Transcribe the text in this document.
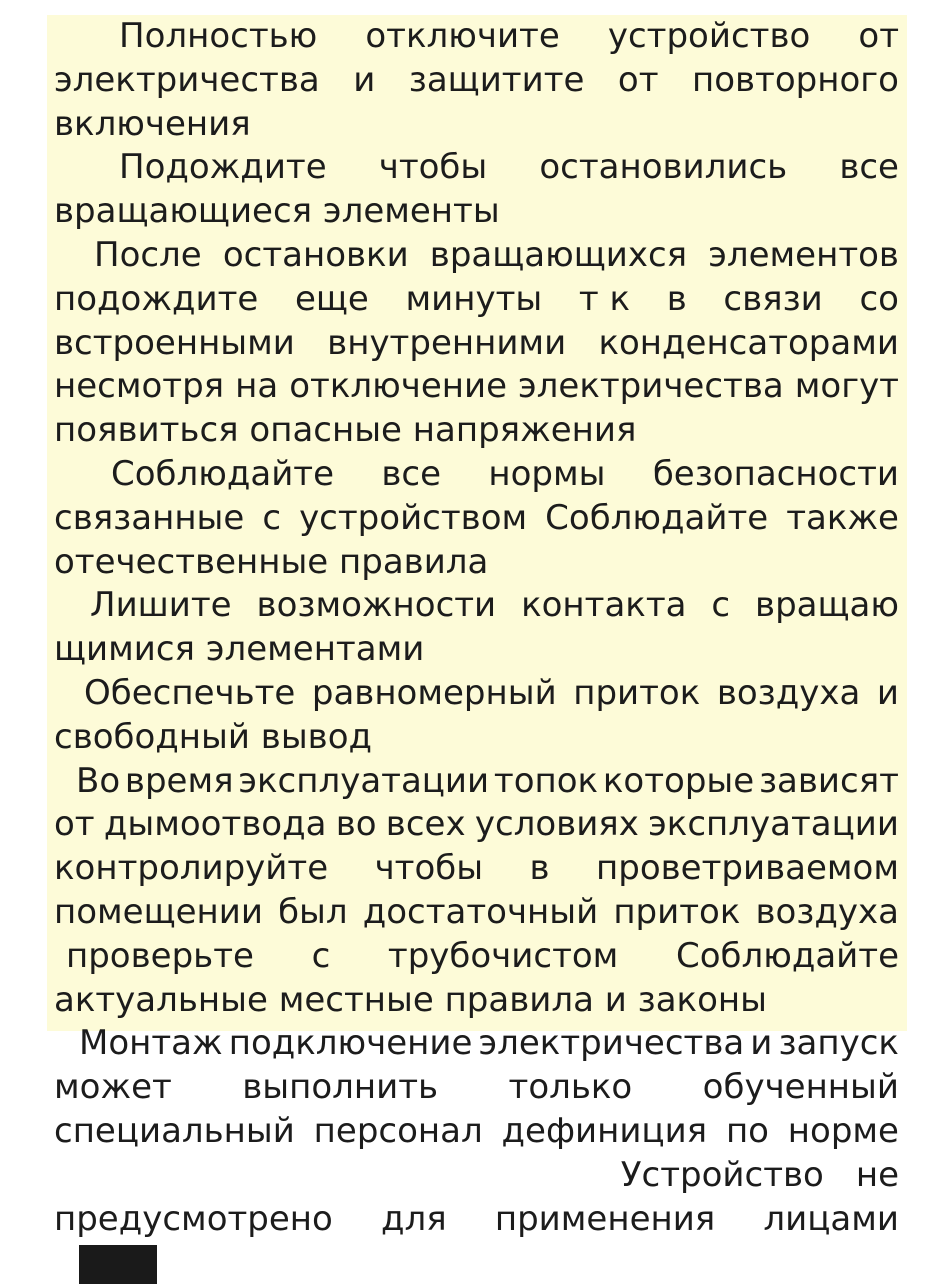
Полностью отключите устройство от
электричества и защитите от повторного
включения
Подождите чтобы остановились все
вращающиеся элементы
После остановки вращающихся элементов
подождите еще минуты т к в связи со
встроенными внутренними конденсаторами
несмотря на отключение электричества могут
появиться опасные напряжения
Соблюдайте все нормы безопасности
связанные с устройством Соблюдайте также
отечественные правила
Лишите возможности контакта с вращаю
щимися элементами
Обеспечьте равномерный приток воздуха и
свободный вывод
Во время эксплуатации топок которые зависят
от дымоотвода во всех условиях эксплуатации
контролируйте чтобы в проветриваемом
помещении был достаточный приток воздуха
проверьте с трубочистом Соблюдайте
актуальные местные правила и законы
Монтаж подключение электричества и запуск
может выполнить только обученный
специальный персонал дефиниция по норме
Устройство не
предусмотрено для применения лицами
